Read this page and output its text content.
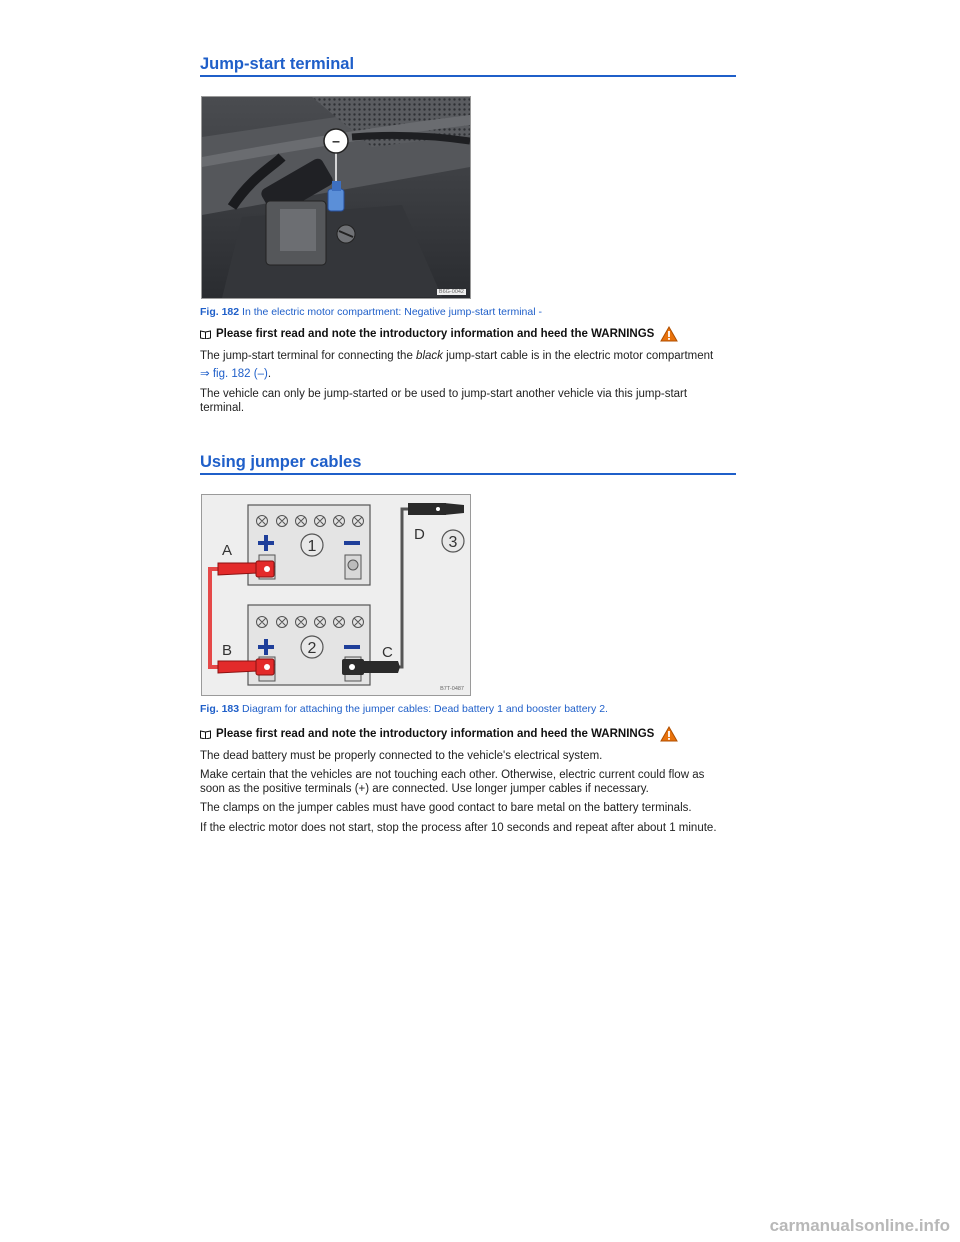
Jump-start terminal
–
B6G-0042
Fig. 182 In the electric motor compartment: Negative jump-start terminal -
Please first read and note the introductory information and heed the WARNINGS
The jump-start terminal for connecting the black jump-start cable is in the electric motor compartment
⇒ fig. 182 (–).
The vehicle can only be jump-started or be used to jump-start another vehicle via this jump-start terminal.
Using jumper cables
1
2
A
B	C
D 3
B7T-0487
Fig. 183 Diagram for attaching the jumper cables: Dead battery 1 and booster battery 2.
Please first read and note the introductory information and heed the WARNINGS
The dead battery must be properly connected to the vehicle's electrical system.
Make certain that the vehicles are not touching each other. Otherwise, electric current could flow as soon as the positive terminals (+) are connected. Use longer jumper cables if necessary.
The clamps on the jumper cables must have good contact to bare metal on the battery terminals.
If the electric motor does not start, stop the process after 10 seconds and repeat after about 1 minute.
carmanualsonline.info
